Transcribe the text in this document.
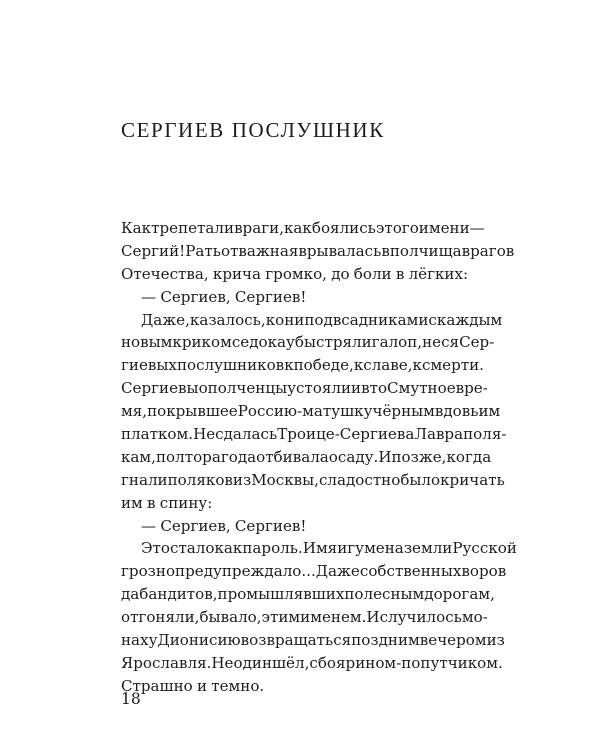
СЕРГИЕВ ПОСЛУШНИК
Как трепетали враги, как боялись этого имени —
Сергий! Рать отважная врывалась в полчища врагов
Отечества, крича громко, до боли в лёгких:
— Сергиев, Сергиев!
Даже, казалось, кони под всадниками с каждым
новым криком седока убыстряли галоп, неся Сер-
гиевых послушников к победе, к славе, к смерти.
Сергиевы ополченцы устояли и в то Смутное вре-
мя, покрывшее Россию-матушку чёрным вдовьим
платком. Не сдалась Троице-Сергиева Лавра поля-
кам, полтора года отбивала осаду. И позже, когда
гнали поляков из Москвы, сладостно было кричать
им в спину:
— Сергиев, Сергиев!
Это стало как пароль. Имя игумена земли Русской
грозно предупреждало... Даже собственных воров
да бандитов, промышлявших по лесным дорогам,
отгоняли, бывало, этим именем. И случилось мо-
наху Дионисию возвращаться поздним вечером из
Ярославля. Не один шёл, с боярином-попутчиком.
Страшно и темно.
18
